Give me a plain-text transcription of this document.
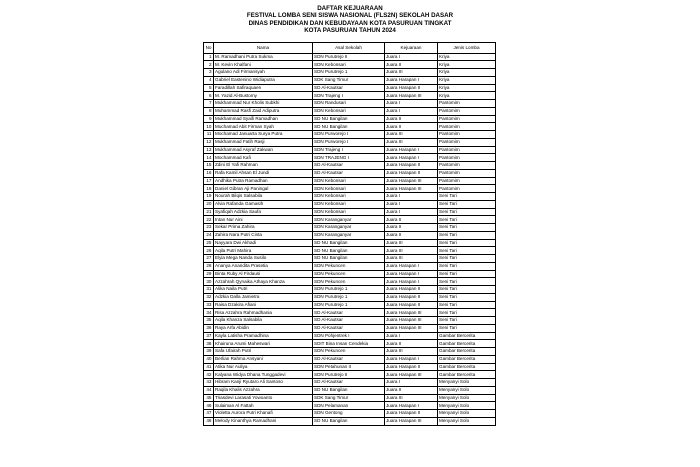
DAFTAR KEJUARAAN
FESTIVAL LOMBA SENI SISWA NASIONAL (FLS2N) SEKOLAH DASAR
DINAS PENDIDIKAN DAN KEBUDAYAAN KOTA PASURUAN TINGKAT
KOTA PASURUAN TAHUN 2024
No	Nama	Asal Sekolah	Kejuaraan	Jenis Lomba
1	M. Ramadhani Putra Sukma	SDN Purutrejo II	Juara I	Kriya
2	M. Kevin Khalfani	SDN Kebonsari	Juara II	Kriya
3	Agulano Adi Firmansyah	SDN Purutrejo 1	Juara III	Kriya
4	Gabriel Eastenino Widiaputra	SDK Sang Timur	Juara Harapan I	Kriya
5	Faradillah Safiraquaen	SD Al-Kautsar	Juara Harapan II	Kriya
6	M. Yazid Al-Bustomy	SDN Trajeng I	Juara Harapan III	Kriya
7	Mukhammad Nur Kholis Subkhi	SDN Randusari	Juara I	Pantomim
8	Muhammad Rasfi Zaid Adiputra	SDN Kebonsari	Juara I	Pantomim
9	Mukhammad Syaifi Ramadhan	SD NU Bangilan	Juara II	Pantomim
10	Muchamad Abit Firman Syah	SD NU Bangilan	Juara II	Pantomim
11	Mochamad Januarta Surya Putra	SDN Purworejo I	Juara III	Pantomim
12	Mukhammad Fatih Rasji	SDN Purworejo I	Juara III	Pantomim
13	Mukhammad Asyraf Zakwan	SDN Trajeng I	Juara Harapan I	Pantomim
14	Mochammad Kafi	SDN TRAJENG I	Juara Harapan I	Pantomim
15	Zdini El Yafi Rahman	SD Al-Kautsar	Juara Harapan II	Pantomim
16	Rafa Kamil Ahsan El Jundi	SD Al-Kautsar	Juara Harapan II	Pantomim
17	Andhika Putra Ramadhan	SDN Kebonsari	Juara Harapan III	Pantomim
18	Daniel Gibran Aji Paningal	SDN Kebonsari	Juara Harapan III	Pantomim
19	Nourah Bilqis Salsabila	SDN Kebonsari	Juara I	Seni Tari
20	Alvia Rafanda Gamasih	SDN Kebonsari	Juara I	Seni Tari
21	Syafiqah Adzkia Saufa	SDN Kebonsari	Juara I	Seni Tari
22	Intan Nur Aini	SDN Karanganyar	Juara II	Seni Tari
23	Sekar Prima Zahira	SDN Karanganyar	Juara II	Seni Tari
24	Zahira Nara Putri Cinta	SDN Karanganyar	Juara II	Seni Tari
25	Nayyara Dwi Akhadi	SD NU Bangilan	Juara III	Seni Tari
26	Aqila Putri Mahira	SD NU Bangilan	Juara III	Seni Tari
27	Elyia Mega Nanda Susilo	SD NU Bangilan	Juara III	Seni Tari
28	Ananya Anandita Prasetia	SDN Pekuncen	Juara Harapan I	Seni Tari
29	Binta Ruby Al Firdausi	SDN Pekuncen	Juara Harapan I	Seni Tari
30	Azzahrah Qynaika Athaya Khanza	SDN Pekuncen	Juara Harapan I	Seni Tari
31	Alika Naila Putri	SDN Purutrejo 1	Juara Harapan II	Seni Tari
32	Adzkia Dalla Jamietra	SDN Purutrejo 1	Juara Harapan II	Seni Tari
33	Raisa Dzakira Afiani	SDN Purutrejo 1	Juara Harapan II	Seni Tari
34	Risa Azzahra Rahmadhania	SD Al-Kautsar	Juara Harapan III	Seni Tari
35	Aqila Khanza Salsabila	SD Al-Kautsar	Juara Harapan III	Seni Tari
36	Raya Arfa Abidin	SD Al-Kautsar	Juara Harapan III	Seni Tari
37	Kayla Latisha Pramadhina	SDN Pohjentrek I	Juara I	Gambar Bercerita
38	Khairuna Arumi Maheswari	SDIT Bina Insan Cendekia	Juara II	Gambar Bercerita
39	Safa Ufairah Putri	SDN Pekuncen	Juara III	Gambar Bercerita
40	Berlian Rahma Ansyani	SD Al-Kautsar	Juara Harapan I	Gambar Bercerita
41	Atika Nur Auliya	SDN Petahunan II	Juara Harapan II	Gambar Bercerita
42	Kalyana Widya Dhana Tunggadevi	SDN Purutrejo II	Juara Harapan III	Gambar Bercerita
43	Hibram Kanji Ryutaro Ali Santoso	SD Al-Kautsar	Juara I	Menyanyi Solo
44	Raqila Khalis Azzahra	SD NU Bangilan	Juara II	Menyanyi Solo
45	Triasdevi Larasati Yowoanto	SDK Sang Timur	Juara III	Menyanyi Solo
46	Sulaiman Al Fattah	SDN Pelamanan	Juara Harapan I	Menyanyi Solo
47	Violetta Aurora Putri Khanafi	SDN Gentong	Juara Harapan II	Menyanyi Solo
48	Melody Kinanthya Ramadhani	SD NU Bangilan	Juara Harapan III	Menyanyi Solo
